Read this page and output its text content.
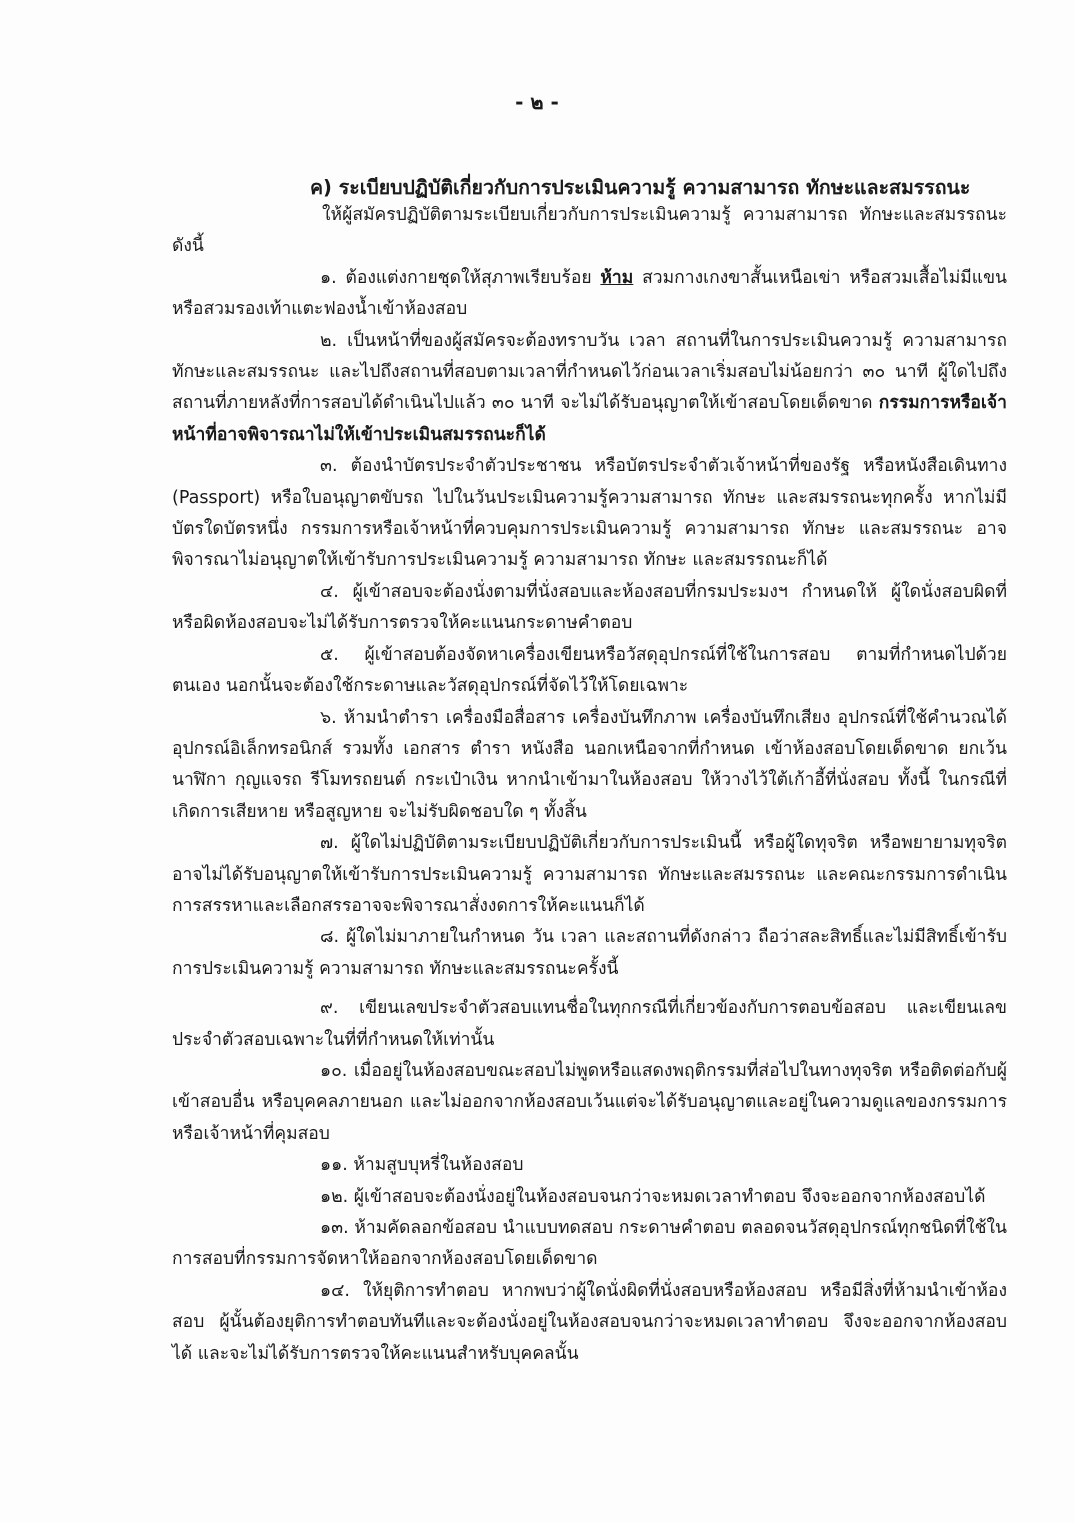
- ๒ -
ค) ระเบียบปฏิบัติเกี่ยวกับการประเมินความรู้ ความสามารถ ทักษะและสมรรถนะ

ให้ผู้สมัครปฏิบัติตามระเบียบเกี่ยวกับการประเมินความรู้ ความสามารถ ทักษะและสมรรถนะ ดังนี้

๑. ต้องแต่งกายชุดให้สุภาพเรียบร้อย ห้าม สวมกางเกงขาสั้นเหนือเข่า หรือสวมเสื้อไม่มีแขน หรือสวมรองเท้าแตะฟองน้ำเข้าห้องสอบ

๒. เป็นหน้าที่ของผู้สมัครจะต้องทราบวัน เวลา สถานที่ในการประเมินความรู้ ความสามารถ ทักษะและสมรรถนะ และไปถึงสถานที่สอบตามเวลาที่กำหนดไว้ก่อนเวลาเริ่มสอบไม่น้อยกว่า ๓๐ นาที ผู้ใดไปถึงสถานที่ภายหลังที่การสอบได้ดำเนินไปแล้ว ๓๐ นาที จะไม่ได้รับอนุญาตให้เข้าสอบโดยเด็ดขาด กรรมการหรือเจ้าหน้าที่อาจพิจารณาไม่ให้เข้าประเมินสมรรถนะก็ได้

๓. ต้องนำบัตรประจำตัวประชาชน หรือบัตรประจำตัวเจ้าหน้าที่ของรัฐ หรือหนังสือเดินทาง (Passport) หรือใบอนุญาตขับรถ ไปในวันประเมินความรู้ความสามารถ ทักษะ และสมรรถนะทุกครั้ง หากไม่มีบัตรใดบัตรหนึ่ง กรรมการหรือเจ้าหน้าที่ควบคุมการประเมินความรู้ ความสามารถ ทักษะ และสมรรถนะ อาจพิจารณาไม่อนุญาตให้เข้ารับการประเมินความรู้ ความสามารถ ทักษะ และสมรรถนะก็ได้

๔. ผู้เข้าสอบจะต้องนั่งตามที่นั่งสอบและห้องสอบที่กรมประมงฯ กำหนดให้ ผู้ใดนั่งสอบผิดที่หรือผิดห้องสอบจะไม่ได้รับการตรวจให้คะแนนกระดาษคำตอบ

๕. ผู้เข้าสอบต้องจัดหาเครื่องเขียนหรือวัสดุอุปกรณ์ที่ใช้ในการสอบ ตามที่กำหนดไปด้วยตนเอง นอกนั้นจะต้องใช้กระดาษและวัสดุอุปกรณ์ที่จัดไว้ให้โดยเฉพาะ

๖. ห้ามนำตำรา เครื่องมือสื่อสาร เครื่องบันทึกภาพ เครื่องบันทึกเสียง อุปกรณ์ที่ใช้คำนวณได้ อุปกรณ์อิเล็กทรอนิกส์ รวมทั้ง เอกสาร ตำรา หนังสือ นอกเหนือจากที่กำหนด เข้าห้องสอบโดยเด็ดขาด ยกเว้น นาฬิกา กุญแจรถ รีโมทรถยนต์ กระเป๋าเงิน หากนำเข้ามาในห้องสอบ ให้วางไว้ใต้เก้าอี้ที่นั่งสอบ ทั้งนี้ ในกรณีที่เกิดการเสียหาย หรือสูญหาย จะไม่รับผิดชอบใด ๆ ทั้งสิ้น

๗. ผู้ใดไม่ปฏิบัติตามระเบียบปฏิบัติเกี่ยวกับการประเมินนี้ หรือผู้ใดทุจริต หรือพยายามทุจริตอาจไม่ได้รับอนุญาตให้เข้ารับการประเมินความรู้ ความสามารถ ทักษะและสมรรถนะ และคณะกรรมการดำเนินการสรรหาและเลือกสรรอาจจะพิจารณาสั่งงดการให้คะแนนก็ได้

๘. ผู้ใดไม่มาภายในกำหนด วัน เวลา และสถานที่ดังกล่าว ถือว่าสละสิทธิ์และไม่มีสิทธิ์เข้ารับการประเมินความรู้ ความสามารถ ทักษะและสมรรถนะครั้งนี้

๙. เขียนเลขประจำตัวสอบแทนชื่อในทุกกรณีที่เกี่ยวข้องกับการตอบข้อสอบ และเขียนเลขประจำตัวสอบเฉพาะในที่ที่กำหนดให้เท่านั้น

๑๐. เมื่ออยู่ในห้องสอบขณะสอบไม่พูดหรือแสดงพฤติกรรมที่ส่อไปในทางทุจริต หรือติดต่อกับผู้เข้าสอบอื่น หรือบุคคลภายนอก และไม่ออกจากห้องสอบเว้นแต่จะได้รับอนุญาตและอยู่ในความดูแลของกรรมการ หรือเจ้าหน้าที่คุมสอบ

๑๑. ห้ามสูบบุหรี่ในห้องสอบ

๑๒. ผู้เข้าสอบจะต้องนั่งอยู่ในห้องสอบจนกว่าจะหมดเวลาทำตอบ จึงจะออกจากห้องสอบได้

๑๓. ห้ามคัดลอกข้อสอบ นำแบบทดสอบ กระดาษคำตอบ ตลอดจนวัสดุอุปกรณ์ทุกชนิดที่ใช้ในการสอบที่กรรมการจัดหาให้ออกจากห้องสอบโดยเด็ดขาด

๑๔. ให้ยุติการทำตอบ หากพบว่าผู้ใดนั่งผิดที่นั่งสอบหรือห้องสอบ หรือมีสิ่งที่ห้ามนำเข้าห้องสอบ ผู้นั้นต้องยุติการทำตอบทันทีและจะต้องนั่งอยู่ในห้องสอบจนกว่าจะหมดเวลาทำตอบ จึงจะออกจากห้องสอบได้ และจะไม่ได้รับการตรวจให้คะแนนสำหรับบุคคลนั้น
